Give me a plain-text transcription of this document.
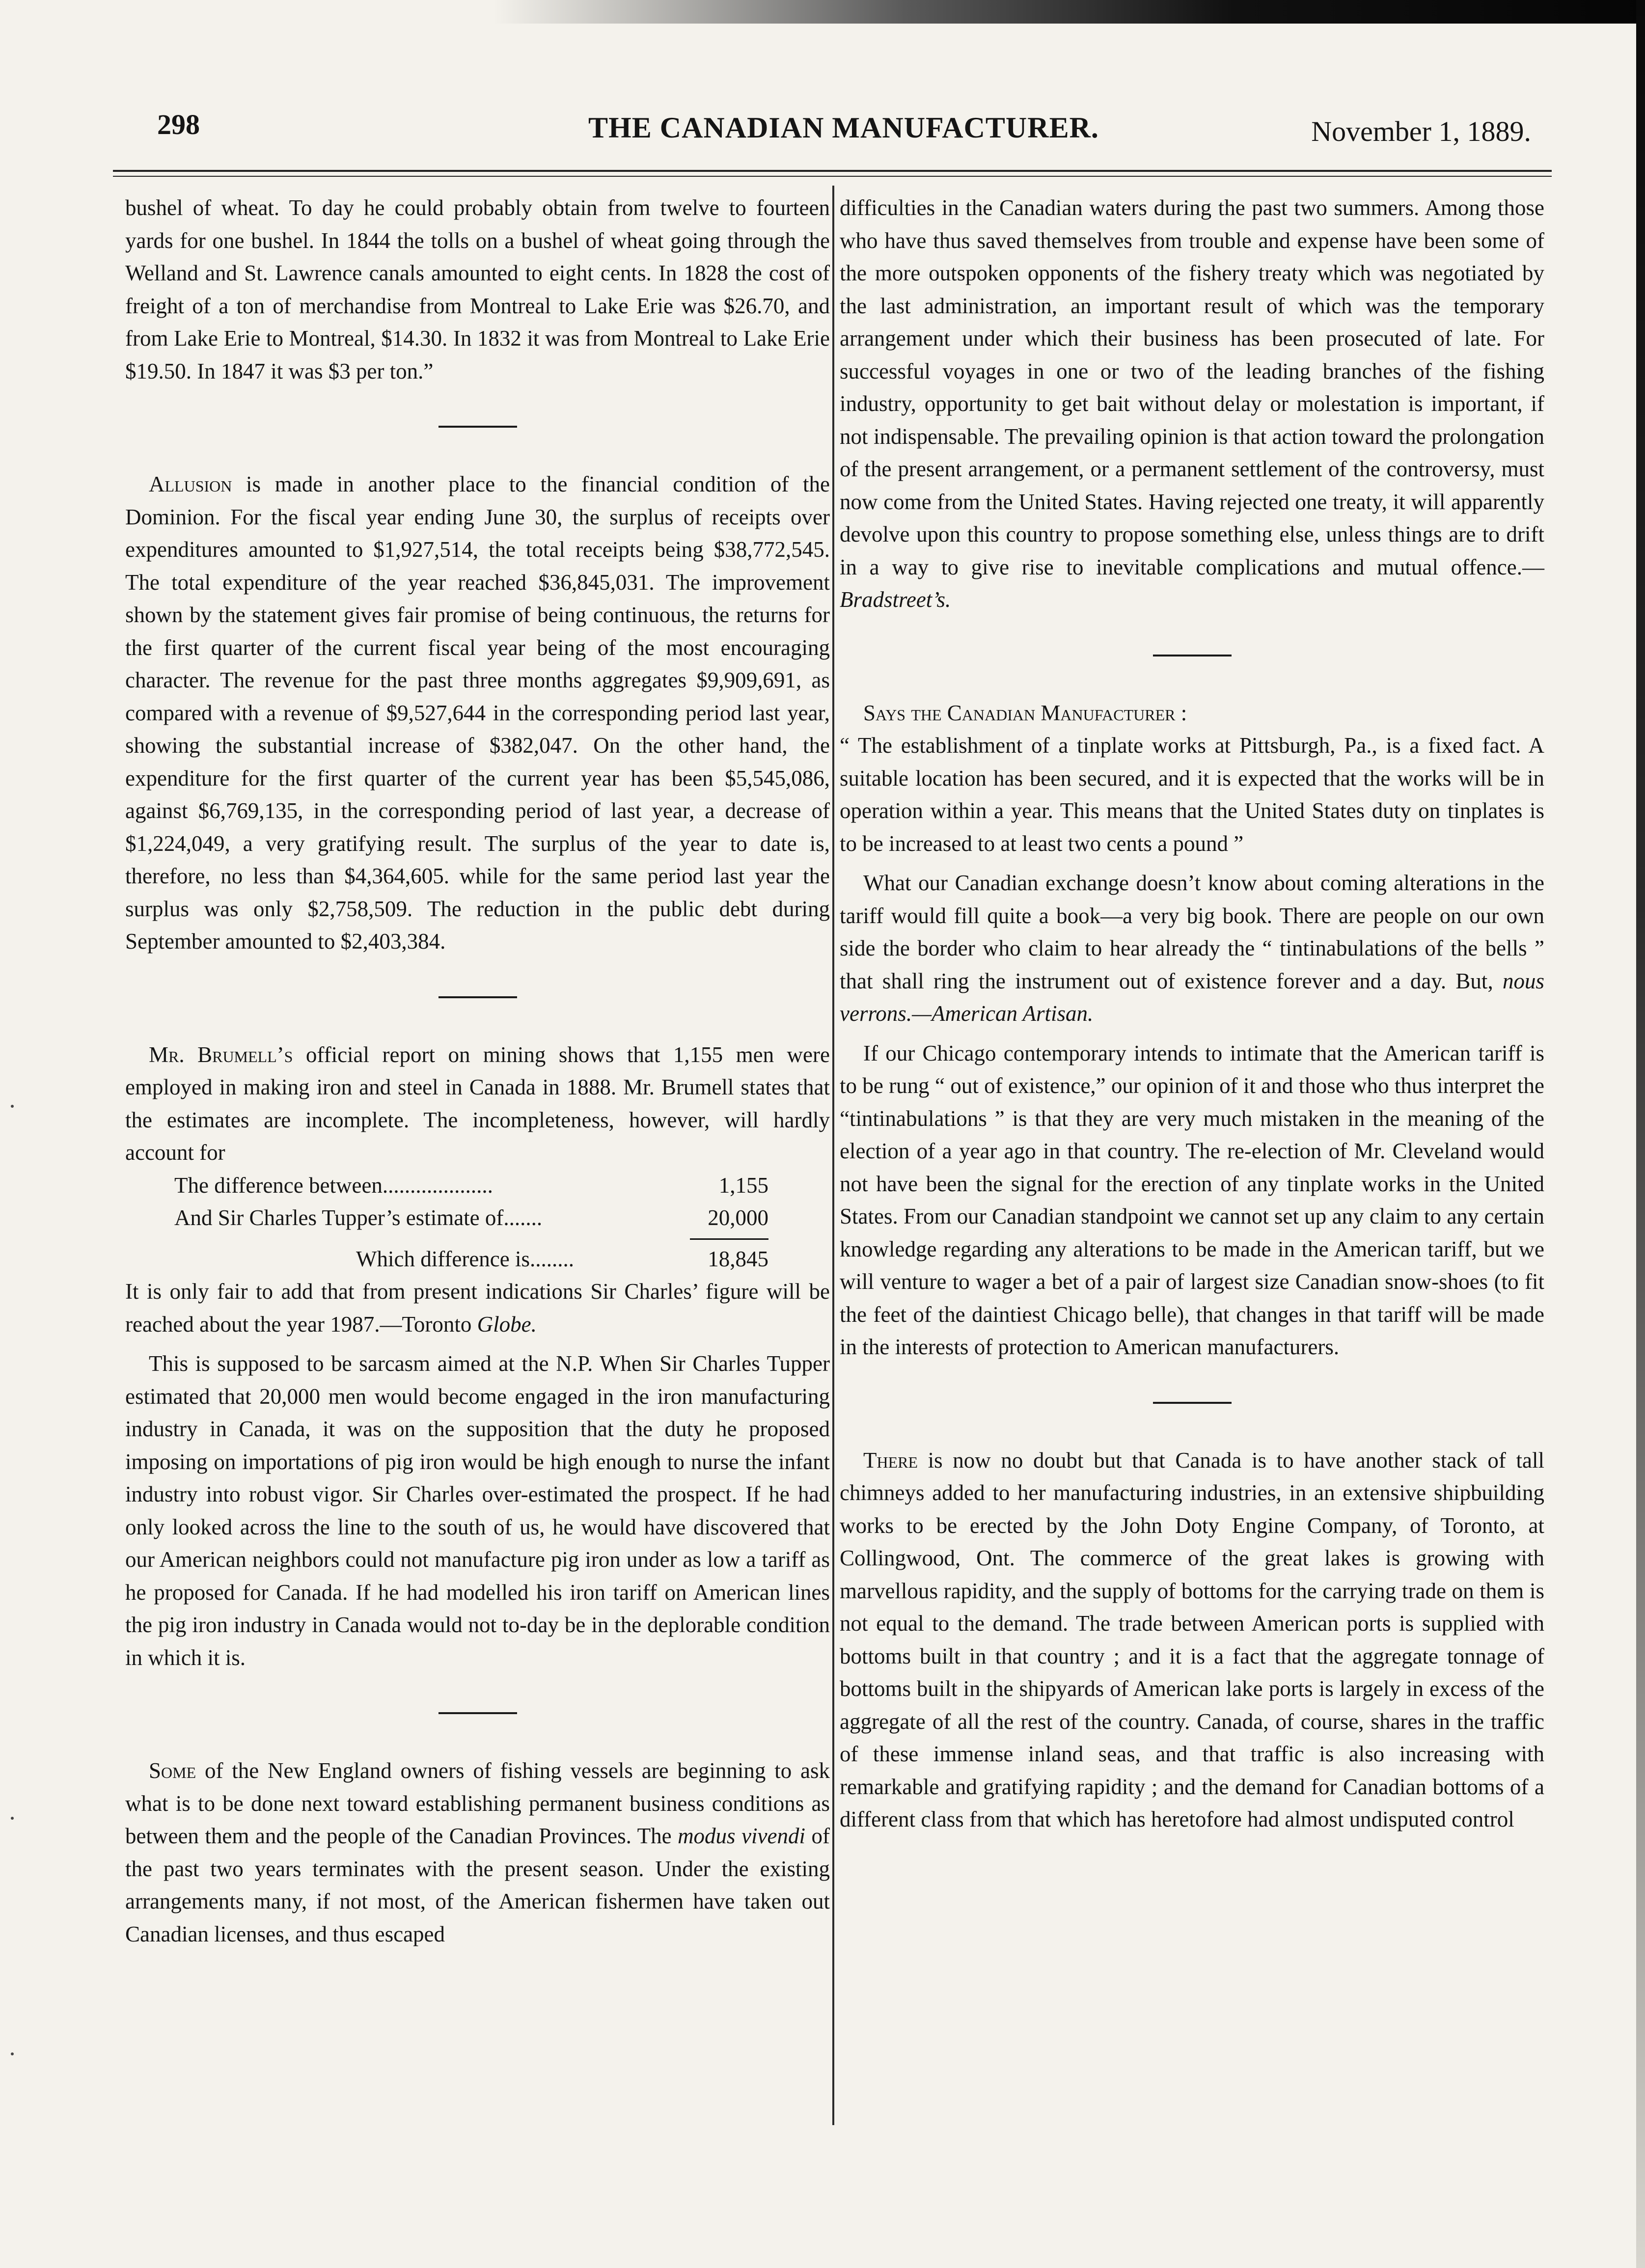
298	THE CANADIAN MANUFACTURER.	November 1, 1889.

bushel of wheat. To day he could probably obtain from twelve to fourteen yards for one bushel. In 1844 the tolls on a bushel of wheat going through the Welland and St. Lawrence canals amounted to eight cents. In 1828 the cost of freight of a ton of merchandise from Montreal to Lake Erie was $26.70, and from Lake Erie to Montreal, $14.30. In 1832 it was from Montreal to Lake Erie $19.50. In 1847 it was $3 per ton.”

Allusion is made in another place to the financial condition of the Dominion. For the fiscal year ending June 30, the surplus of receipts over expenditures amounted to $1,927,514, the total receipts being $38,772,545. The total expenditure of the year reached $36,845,031. The improvement shown by the statement gives fair promise of being continuous, the returns for the first quarter of the current fiscal year being of the most encouraging character. The revenue for the past three months aggregates $9,909,691, as compared with a revenue of $9,527,644 in the corresponding period last year, showing the substantial increase of $382,047. On the other hand, the expenditure for the first quarter of the current year has been $5,545,086, against $6,769,135, in the corresponding period of last year, a decrease of $1,224,049, a very gratifying result. The surplus of the year to date is, therefore, no less than $4,364,605. while for the same period last year the surplus was only $2,758,509. The reduction in the public debt during September amounted to $2,403,384.

Mr. Brumell’s official report on mining shows that 1,155 men were employed in making iron and steel in Canada in 1888. Mr. Brumell states that the estimates are incomplete. The incompleteness, however, will hardly account for

The difference between....................	1,155
And Sir Charles Tupper’s estimate of.......	20,000
Which difference is........	18,845

It is only fair to add that from present indications Sir Charles’ figure will be reached about the year 1987.—Toronto Globe.

This is supposed to be sarcasm aimed at the N.P. When Sir Charles Tupper estimated that 20,000 men would become engaged in the iron manufacturing industry in Canada, it was on the supposition that the duty he proposed imposing on importations of pig iron would be high enough to nurse the infant industry into robust vigor. Sir Charles over-estimated the prospect. If he had only looked across the line to the south of us, he would have discovered that our American neighbors could not manufacture pig iron under as low a tariff as he proposed for Canada. If he had modelled his iron tariff on American lines the pig iron industry in Canada would not to-day be in the deplorable condition in which it is.

Some of the New England owners of fishing vessels are beginning to ask what is to be done next toward establishing permanent business conditions as between them and the people of the Canadian Provinces. The modus vivendi of the past two years terminates with the present season. Under the existing arrangements many, if not most, of the American fishermen have taken out Canadian licenses, and thus escaped

difficulties in the Canadian waters during the past two summers. Among those who have thus saved themselves from trouble and expense have been some of the more outspoken opponents of the fishery treaty which was negotiated by the last administration, an important result of which was the temporary arrangement under which their business has been prosecuted of late. For successful voyages in one or two of the leading branches of the fishing industry, opportunity to get bait without delay or molestation is important, if not indispensable. The prevailing opinion is that action toward the prolongation of the present arrangement, or a permanent settlement of the controversy, must now come from the United States. Having rejected one treaty, it will apparently devolve upon this country to propose something else, unless things are to drift in a way to give rise to inevitable complications and mutual offence.—Bradstreet’s.

Says the Canadian Manufacturer :

“ The establishment of a tinplate works at Pittsburgh, Pa., is a fixed fact. A suitable location has been secured, and it is expected that the works will be in operation within a year. This means that the United States duty on tinplates is to be increased to at least two cents a pound ”

What our Canadian exchange doesn’t know about coming alterations in the tariff would fill quite a book—a very big book. There are people on our own side the border who claim to hear already the “ tintinabulations of the bells ” that shall ring the instrument out of existence forever and a day. But, nous verrons.—American Artisan.

If our Chicago contemporary intends to intimate that the American tariff is to be rung “ out of existence,” our opinion of it and those who thus interpret the “tintinabulations ” is that they are very much mistaken in the meaning of the election of a year ago in that country. The re-election of Mr. Cleveland would not have been the signal for the erection of any tinplate works in the United States. From our Canadian standpoint we cannot set up any claim to any certain knowledge regarding any alterations to be made in the American tariff, but we will venture to wager a bet of a pair of largest size Canadian snow-shoes (to fit the feet of the daintiest Chicago belle), that changes in that tariff will be made in the interests of protection to American manufacturers.

There is now no doubt but that Canada is to have another stack of tall chimneys added to her manufacturing industries, in an extensive shipbuilding works to be erected by the John Doty Engine Company, of Toronto, at Collingwood, Ont. The commerce of the great lakes is growing with marvellous rapidity, and the supply of bottoms for the carrying trade on them is not equal to the demand. The trade between American ports is supplied with bottoms built in that country ; and it is a fact that the aggregate tonnage of bottoms built in the shipyards of American lake ports is largely in excess of the aggregate of all the rest of the country. Canada, of course, shares in the traffic of these immense inland seas, and that traffic is also increasing with remarkable and gratifying rapidity ; and the demand for Canadian bottoms of a different class from that which has heretofore had almost undisputed control
